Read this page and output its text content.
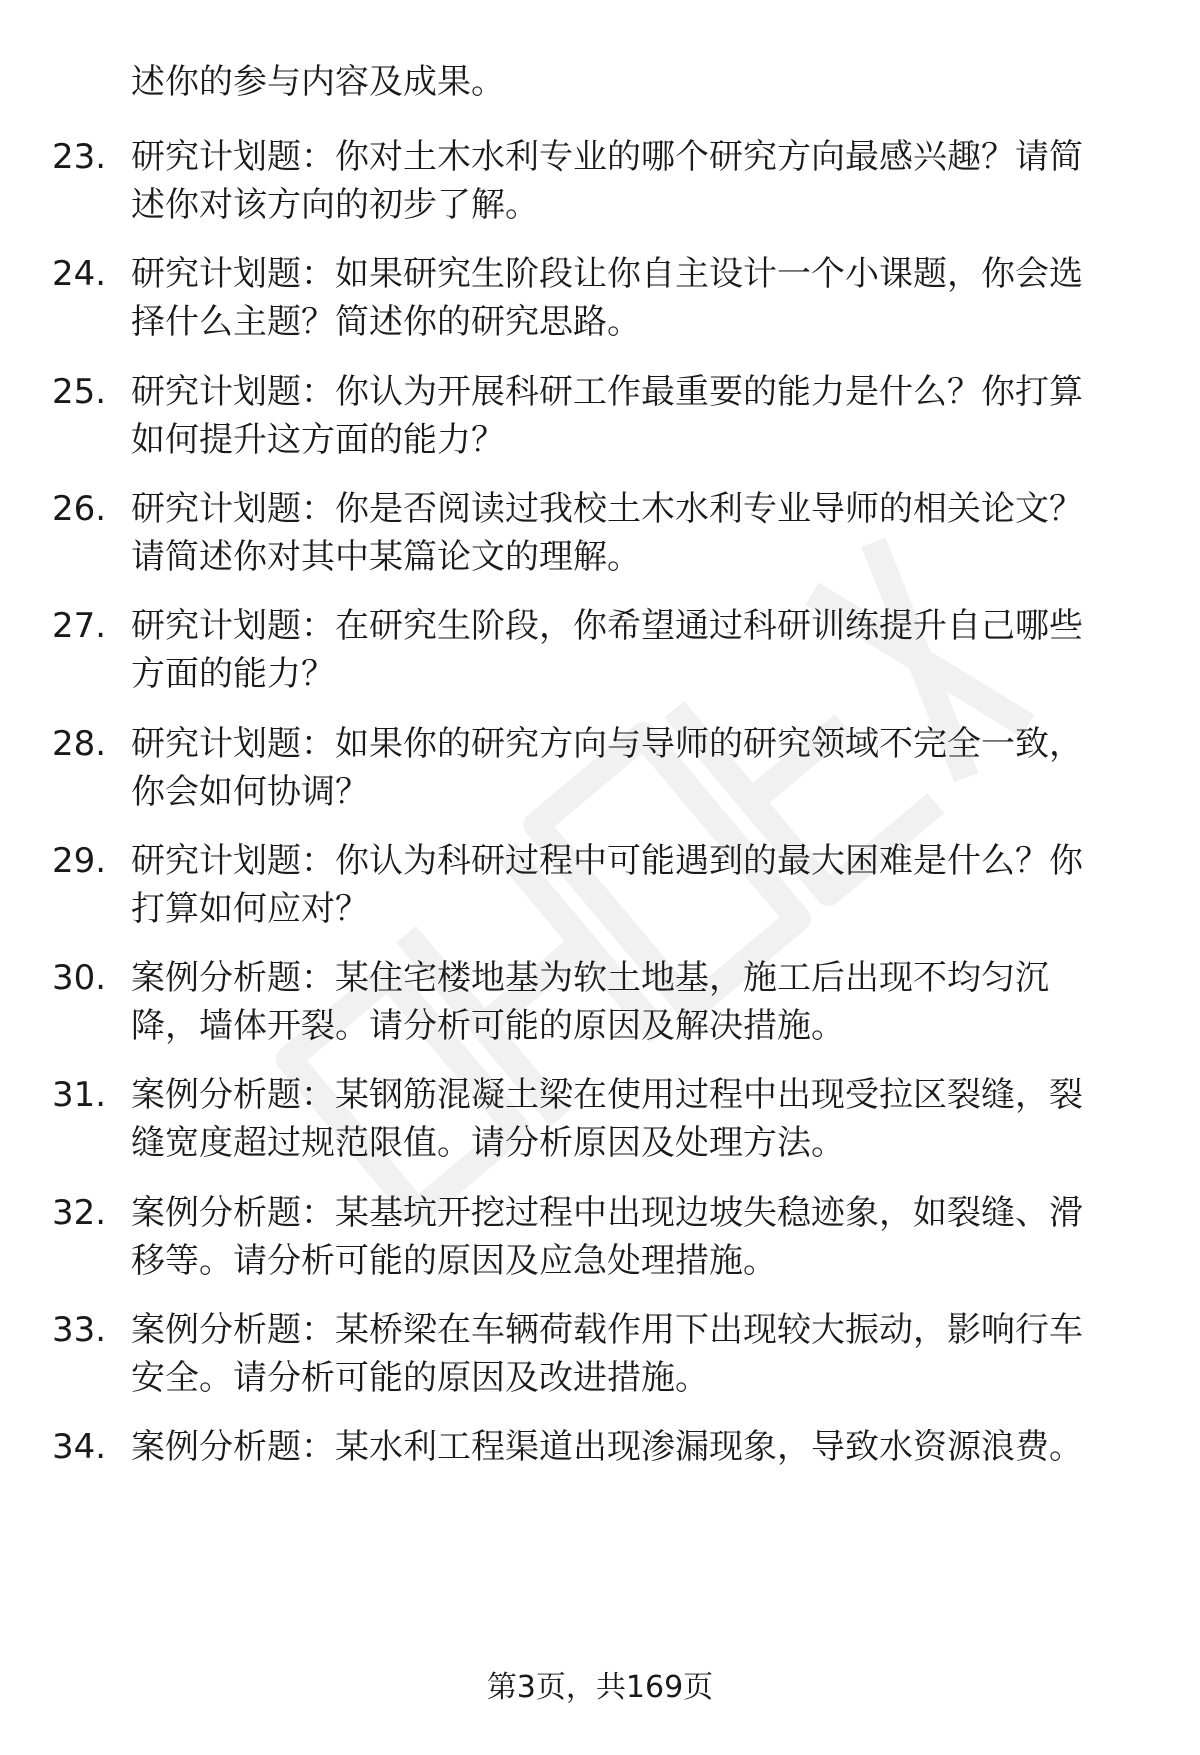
述你的参与内容及成果。
23. 研究计划题：你对土木水利专业的哪个研究方向最感兴趣？请简
述你对该方向的初步了解。
24. 研究计划题：如果研究生阶段让你自主设计一个小课题，你会选
择什么主题？简述你的研究思路。
25. 研究计划题：你认为开展科研工作最重要的能力是什么？你打算
如何提升这方面的能力？
26. 研究计划题：你是否阅读过我校土木水利专业导师的相关论文？
请简述你对其中某篇论文的理解。
27. 研究计划题：在研究生阶段，你希望通过科研训练提升自己哪些
方面的能力？
28. 研究计划题：如果你的研究方向与导师的研究领域不完全一致，
你会如何协调？
29. 研究计划题：你认为科研过程中可能遇到的最大困难是什么？你
打算如何应对？
30. 案例分析题：某住宅楼地基为软土地基，施工后出现不均匀沉
降，墙体开裂。请分析可能的原因及解决措施。
31. 案例分析题：某钢筋混凝土梁在使用过程中出现受拉区裂缝，裂
缝宽度超过规范限值。请分析原因及处理方法。
32. 案例分析题：某基坑开挖过程中出现边坡失稳迹象，如裂缝、滑
移等。请分析可能的原因及应急处理措施。
33. 案例分析题：某桥梁在车辆荷载作用下出现较大振动，影响行车
安全。请分析可能的原因及改进措施。
34. 案例分析题：某水利工程渠道出现渗漏现象，导致水资源浪费。
第3页，共169页
